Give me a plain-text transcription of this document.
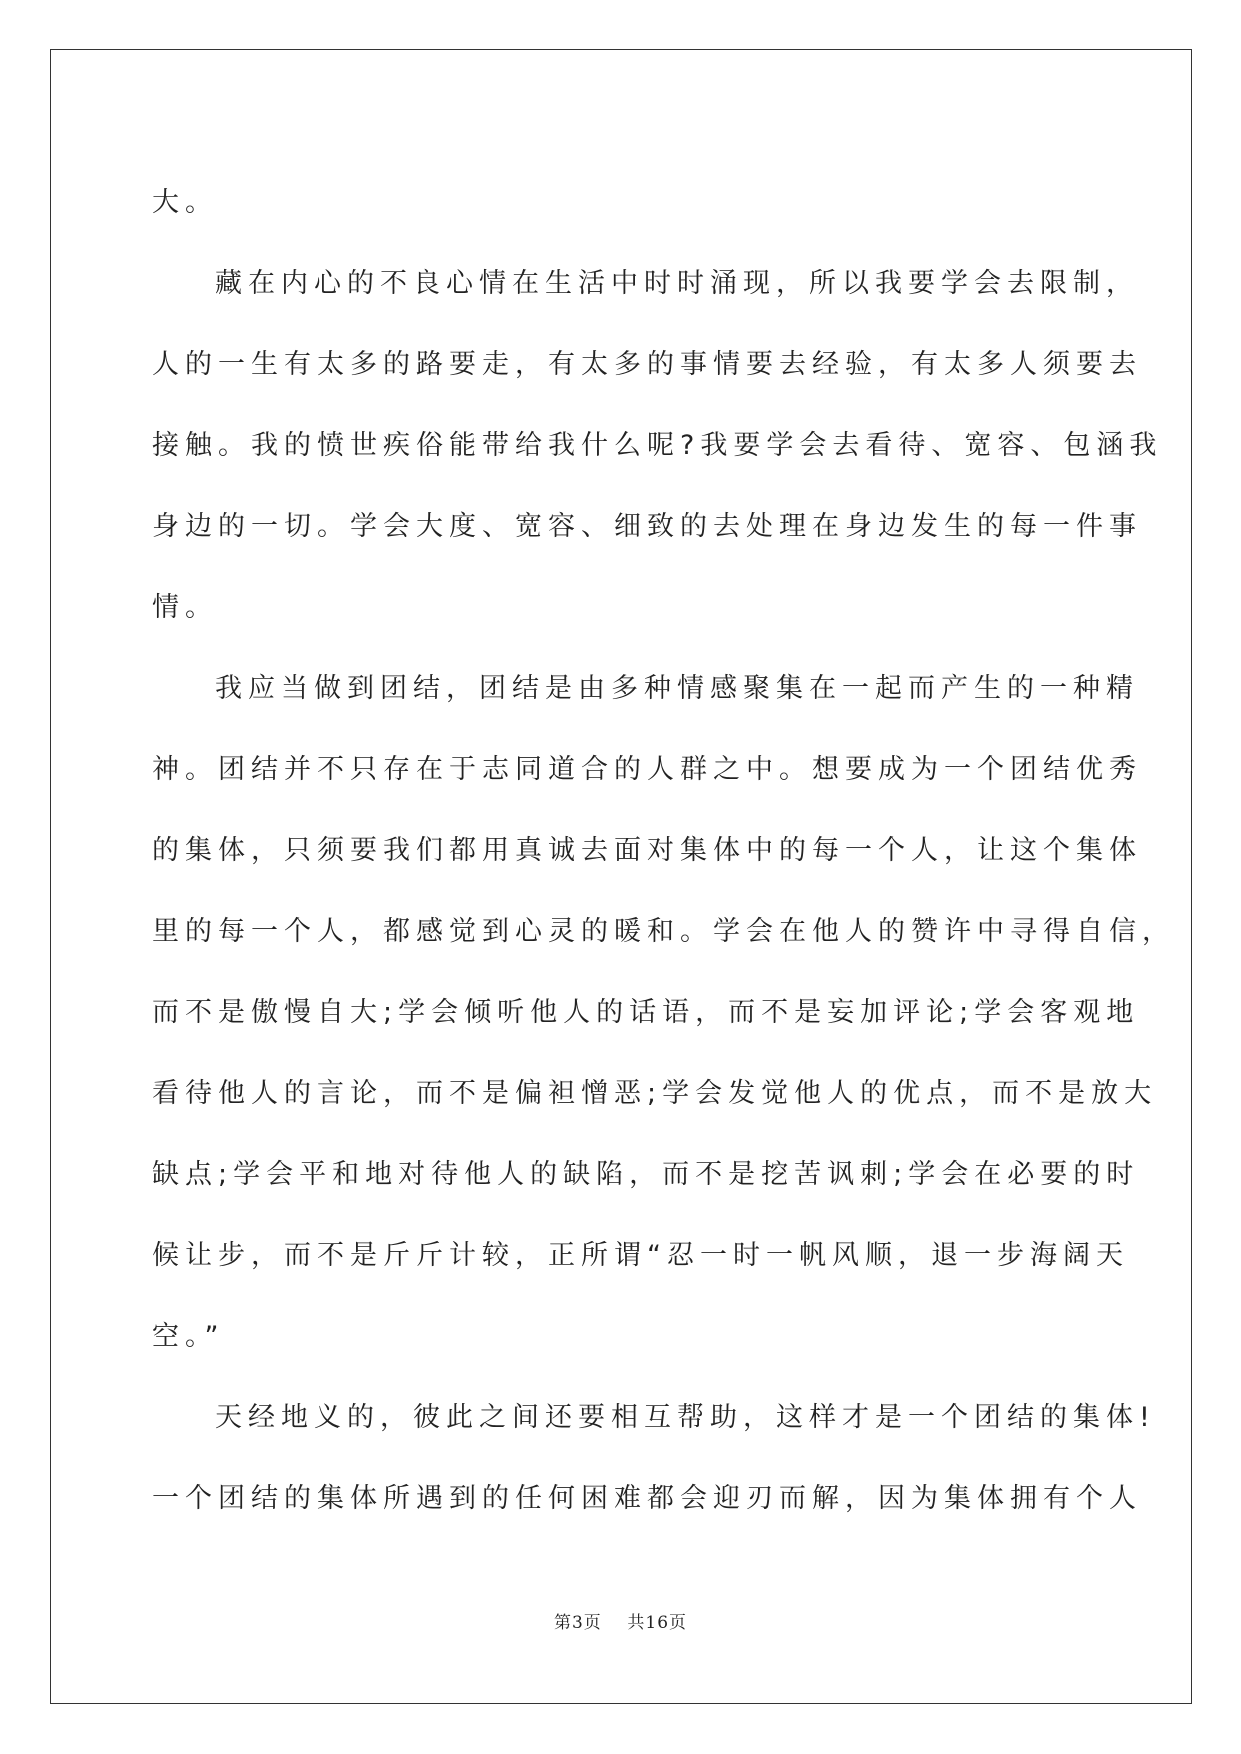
大。

藏在内心的不良心情在生活中时时涌现，所以我要学会去限制，

人的一生有太多的路要走，有太多的事情要去经验，有太多人须要去

接触。我的愤世疾俗能带给我什么呢?我要学会去看待、宽容、包涵我

身边的一切。学会大度、宽容、细致的去处理在身边发生的每一件事

情。

我应当做到团结，团结是由多种情感聚集在一起而产生的一种精

神。团结并不只存在于志同道合的人群之中。想要成为一个团结优秀

的集体，只须要我们都用真诚去面对集体中的每一个人，让这个集体

里的每一个人，都感觉到心灵的暖和。学会在他人的赞许中寻得自信，

而不是傲慢自大;学会倾听他人的话语，而不是妄加评论;学会客观地

看待他人的言论，而不是偏袒憎恶;学会发觉他人的优点，而不是放大

缺点;学会平和地对待他人的缺陷，而不是挖苦讽刺;学会在必要的时

候让步，而不是斤斤计较，正所谓“忍一时一帆风顺，退一步海阔天

空。”

天经地义的，彼此之间还要相互帮助，这样才是一个团结的集体!

一个团结的集体所遇到的任何困难都会迎刃而解，因为集体拥有个人

第3页 共16页
